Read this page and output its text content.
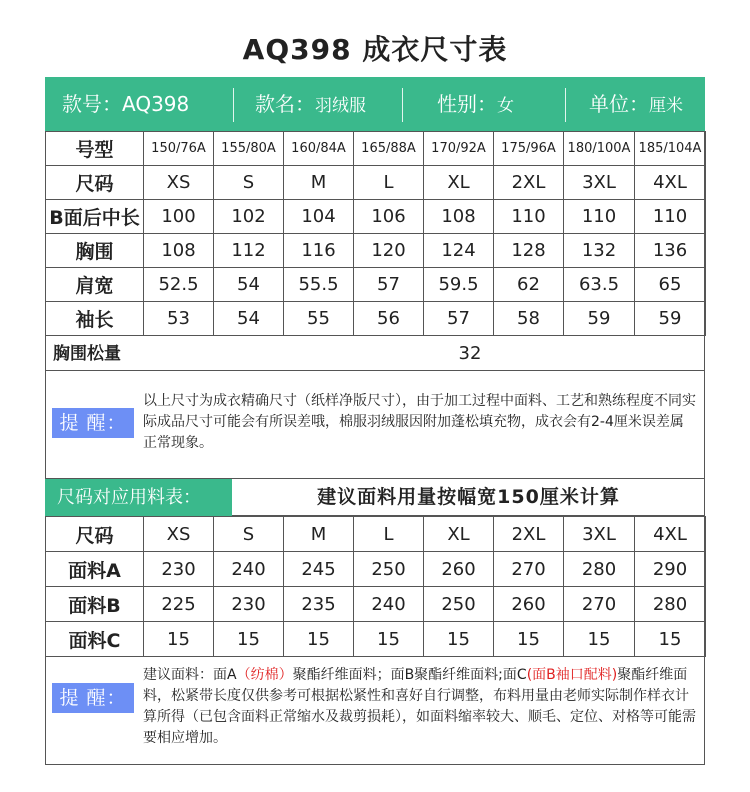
AQ398 成衣尺寸表
款号：AQ398	款名：羽绒服	性别：女	单位：厘米
号型	150/76A	155/80A	160/84A	165/88A	170/92A	175/96A	180/100A	185/104A
尺码	XS	S	M	L	XL	2XL	3XL	4XL
B面后中长	100	102	104	106	108	110	110	110
胸围	108	112	116	120	124	128	132	136
肩宽	52.5	54	55.5	57	59.5	62	63.5	65
袖长	53	54	55	56	57	58	59	59
胸围松量	32
提 醒：
以上尺寸为成衣精确尺寸（纸样净版尺寸），由于加工过程中面料、工艺和熟练程度不同实际成品尺寸可能会有所误差哦，棉服羽绒服因附加蓬松填充物，成衣会有2-4厘米误差属正常现象。
尺码对应用料表：	建议面料用量按幅宽150厘米计算
尺码	XS	S	M	L	XL	2XL	3XL	4XL
面料A	230	240	245	250	260	270	280	290
面料B	225	230	235	240	250	260	270	280
面料C	15	15	15	15	15	15	15	15
提 醒：
建议面料：面A（纺棉）聚酯纤维面料；面B聚酯纤维面料;面C(面B袖口配料)聚酯纤维面料，松紧带长度仅供参考可根据松紧性和喜好自行调整，布料用量由老师实际制作样衣计算所得（已包含面料正常缩水及裁剪损耗），如面料缩率较大、顺毛、定位、对格等可能需要相应增加。
